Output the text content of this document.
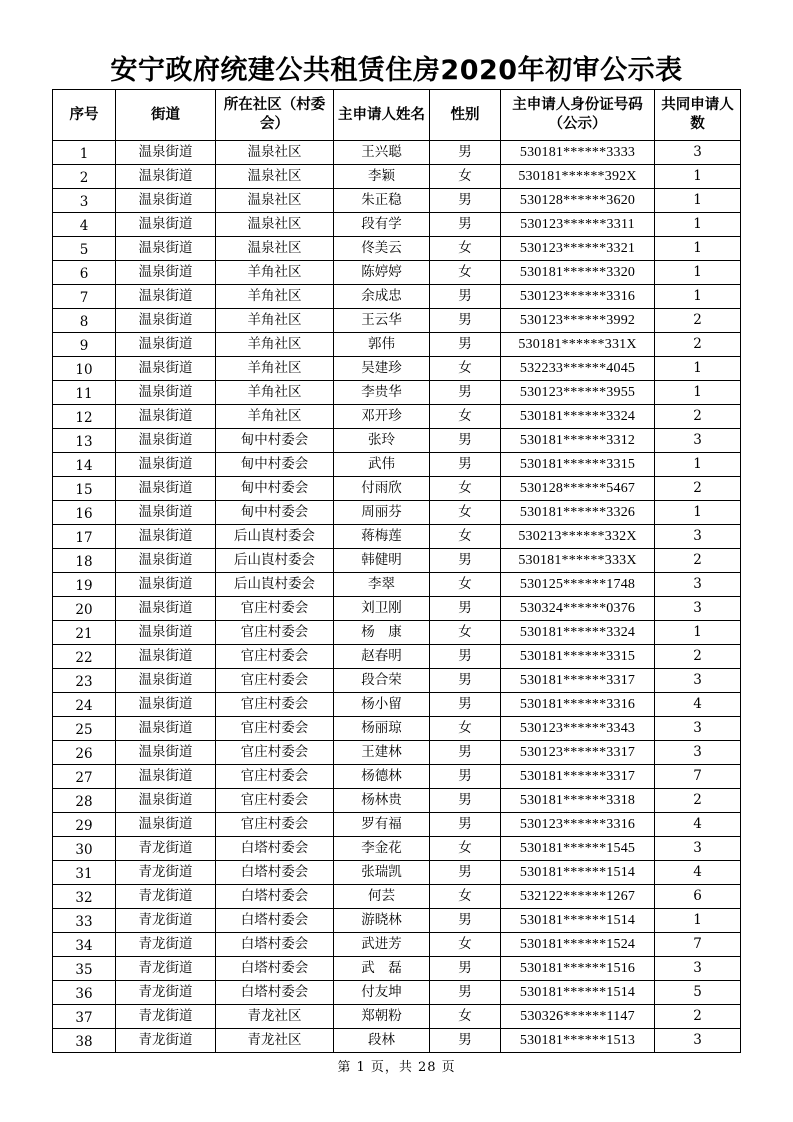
安宁政府统建公共租赁住房2020年初审公示表
序号	街道	所在社区（村委会）	主申请人姓名	性别	主申请人身份证号码（公示）	共同申请人数
1	温泉街道	温泉社区	王兴聪	男	530181******3333	3
2	温泉街道	温泉社区	李颖	女	530181******392X	1
3	温泉街道	温泉社区	朱正稳	男	530128******3620	1
4	温泉街道	温泉社区	段有学	男	530123******3311	1
5	温泉街道	温泉社区	佟美云	女	530123******3321	1
6	温泉街道	羊角社区	陈婷婷	女	530181******3320	1
7	温泉街道	羊角社区	余成忠	男	530123******3316	1
8	温泉街道	羊角社区	王云华	男	530123******3992	2
9	温泉街道	羊角社区	郭伟	男	530181******331X	2
10	温泉街道	羊角社区	吴建珍	女	532233******4045	1
11	温泉街道	羊角社区	李贵华	男	530123******3955	1
12	温泉街道	羊角社区	邓开珍	女	530181******3324	2
13	温泉街道	甸中村委会	张玲	男	530181******3312	3
14	温泉街道	甸中村委会	武伟	男	530181******3315	1
15	温泉街道	甸中村委会	付雨欣	女	530128******5467	2
16	温泉街道	甸中村委会	周丽芬	女	530181******3326	1
17	温泉街道	后山崀村委会	蒋梅莲	女	530213******332X	3
18	温泉街道	后山崀村委会	韩健明	男	530181******333X	2
19	温泉街道	后山崀村委会	李翠	女	530125******1748	3
20	温泉街道	官庄村委会	刘卫刚	男	530324******0376	3
21	温泉街道	官庄村委会	杨　康	女	530181******3324	1
22	温泉街道	官庄村委会	赵春明	男	530181******3315	2
23	温泉街道	官庄村委会	段合荣	男	530181******3317	3
24	温泉街道	官庄村委会	杨小留	男	530181******3316	4
25	温泉街道	官庄村委会	杨丽琼	女	530123******3343	3
26	温泉街道	官庄村委会	王建林	男	530123******3317	3
27	温泉街道	官庄村委会	杨德林	男	530181******3317	7
28	温泉街道	官庄村委会	杨林贵	男	530181******3318	2
29	温泉街道	官庄村委会	罗有福	男	530123******3316	4
30	青龙街道	白塔村委会	李金花	女	530181******1545	3
31	青龙街道	白塔村委会	张瑞凯	男	530181******1514	4
32	青龙街道	白塔村委会	何芸	女	532122******1267	6
33	青龙街道	白塔村委会	游晓林	男	530181******1514	1
34	青龙街道	白塔村委会	武进芳	女	530181******1524	7
35	青龙街道	白塔村委会	武　磊	男	530181******1516	3
36	青龙街道	白塔村委会	付友坤	男	530181******1514	5
37	青龙街道	青龙社区	郑朝粉	女	530326******1147	2
38	青龙街道	青龙社区	段林	男	530181******1513	3
第 1 页，共 28 页
